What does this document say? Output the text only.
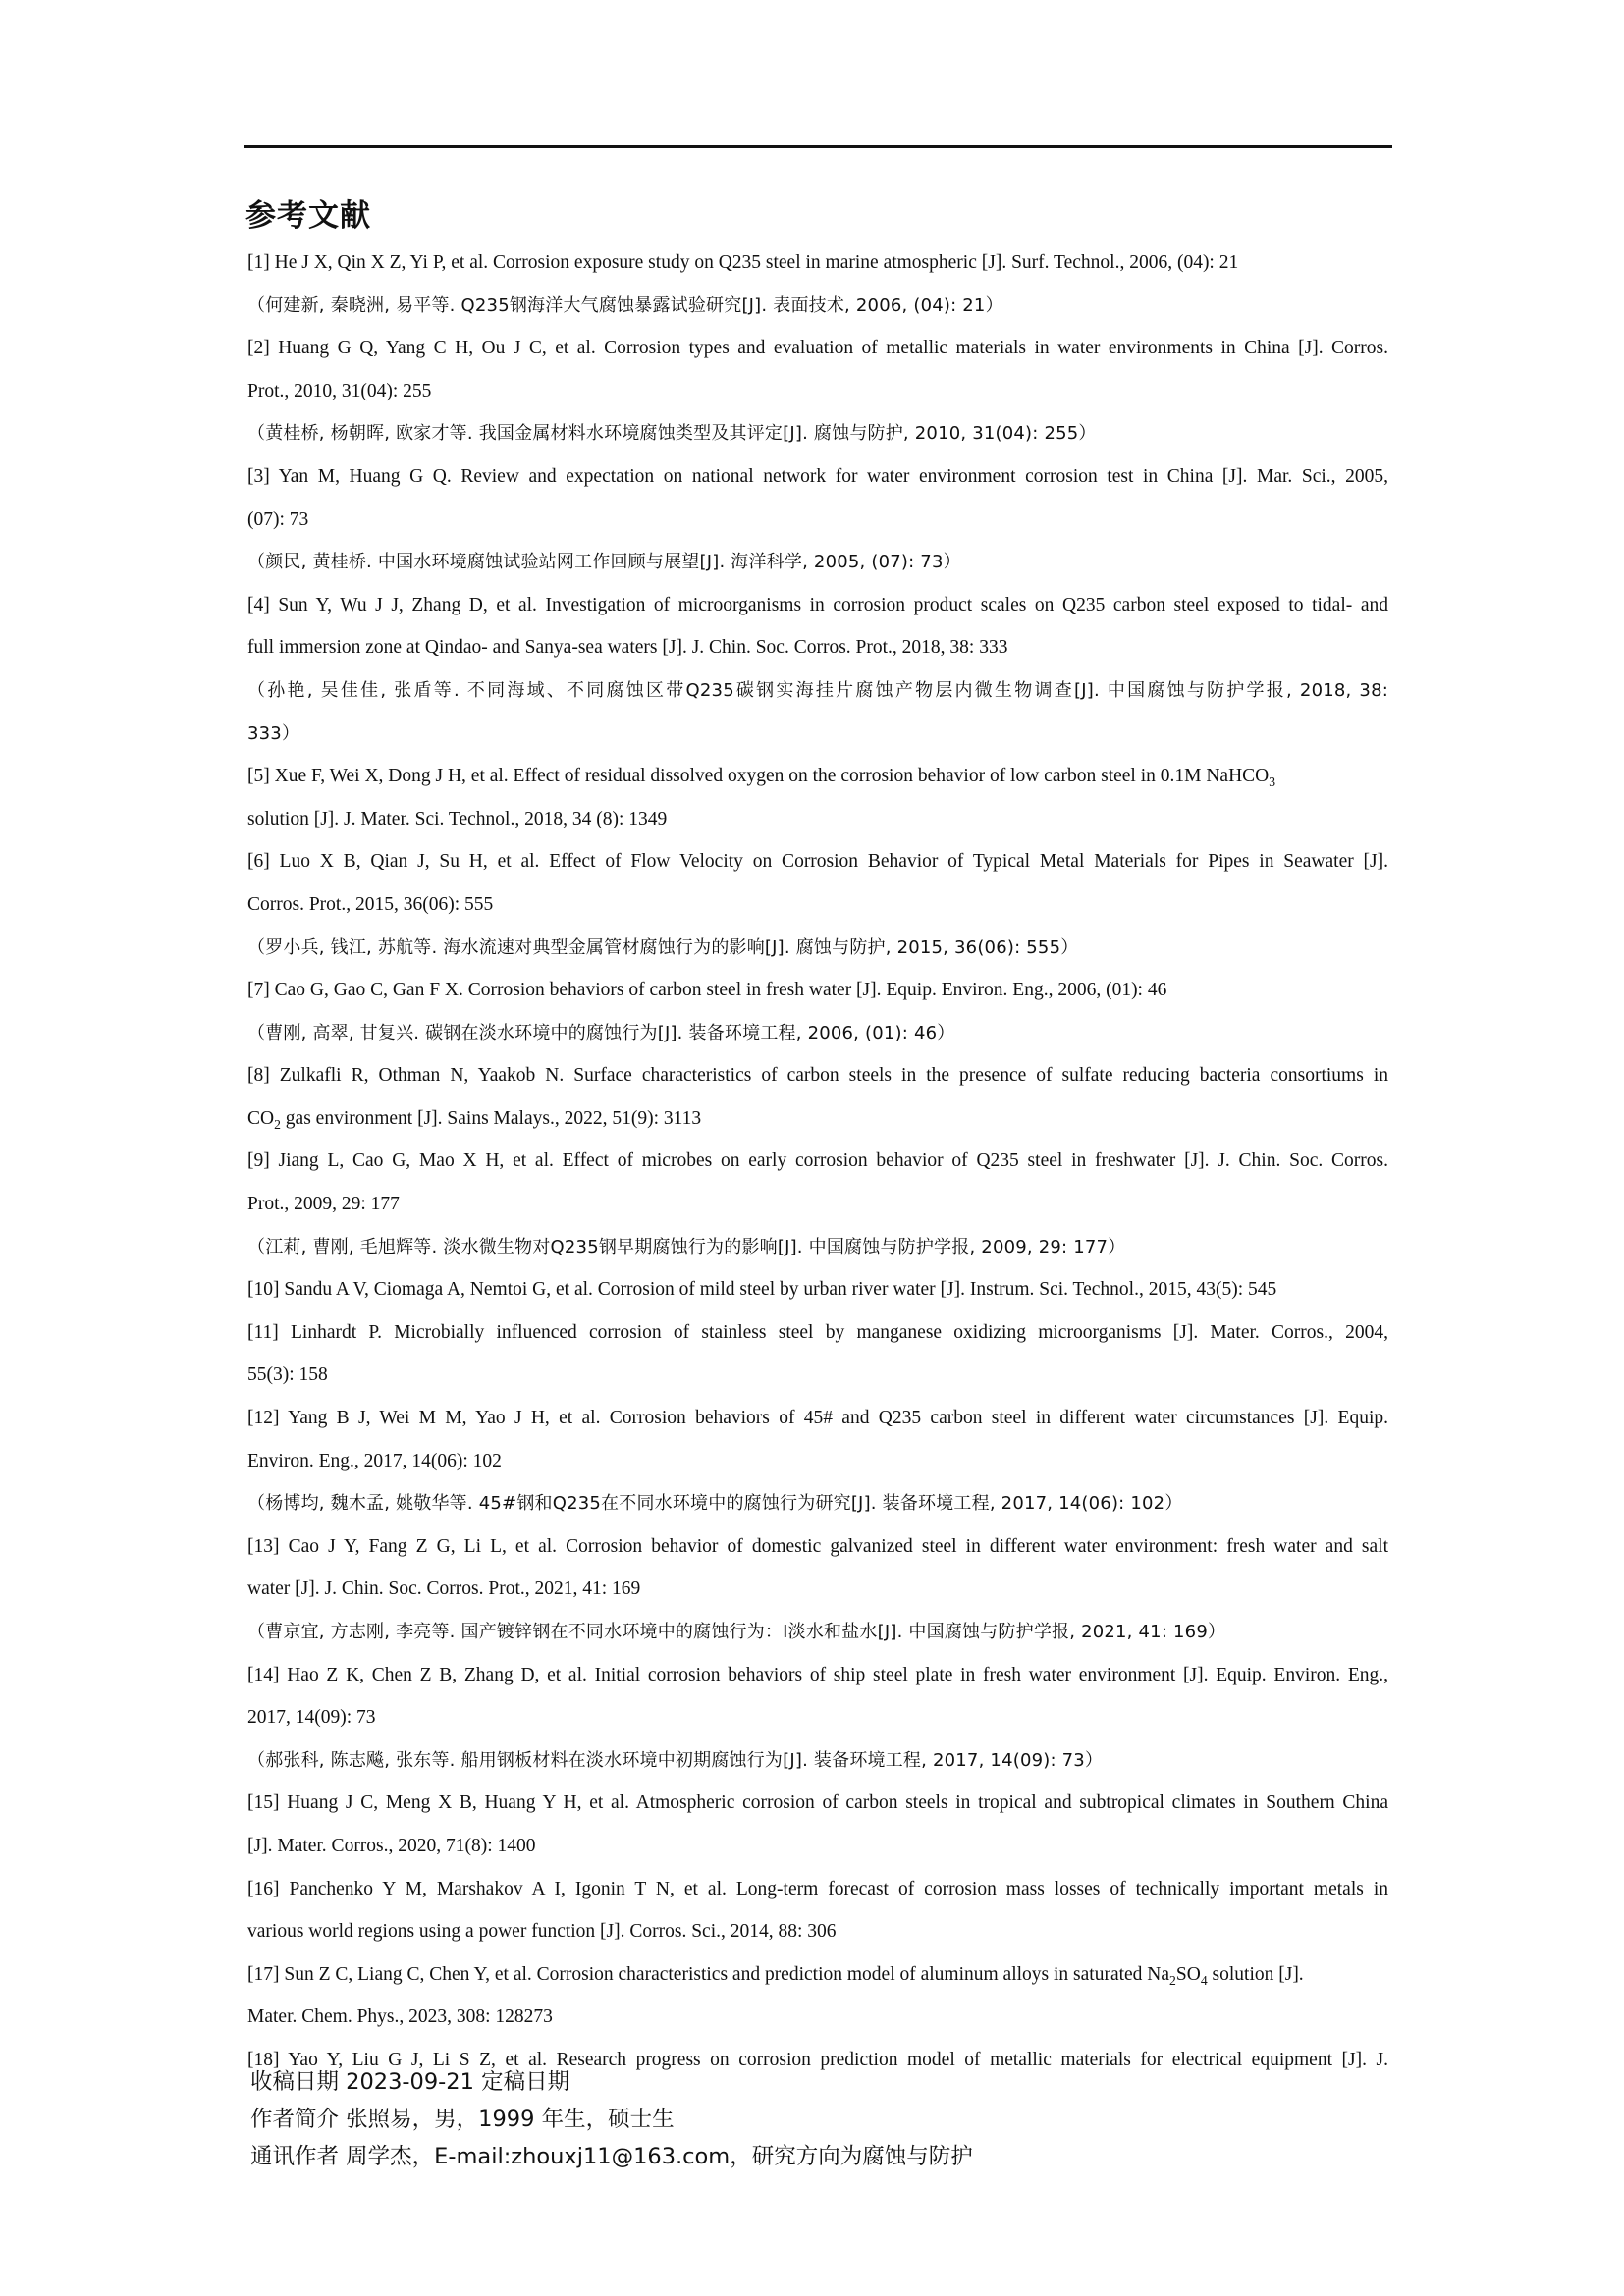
参考文献
[1] He J X, Qin X Z, Yi P, et al. Corrosion exposure study on Q235 steel in marine atmospheric [J]. Surf. Technol., 2006, (04): 21
（何建新, 秦晓洲, 易平等. Q235钢海洋大气腐蚀暴露试验研究[J]. 表面技术, 2006, (04): 21）
[2] Huang G Q, Yang C H, Ou J C, et al. Corrosion types and evaluation of metallic materials in water environments in China [J]. Corros.
Prot., 2010, 31(04): 255
（黄桂桥, 杨朝晖, 欧家才等. 我国金属材料水环境腐蚀类型及其评定[J]. 腐蚀与防护, 2010, 31(04): 255）
[3] Yan M, Huang G Q. Review and expectation on national network for water environment corrosion test in China [J]. Mar. Sci., 2005,
(07): 73
（颜民, 黄桂桥. 中国水环境腐蚀试验站网工作回顾与展望[J]. 海洋科学, 2005, (07): 73）
[4] Sun Y, Wu J J, Zhang D, et al. Investigation of microorganisms in corrosion product scales on Q235 carbon steel exposed to tidal- and
full immersion zone at Qindao- and Sanya-sea waters [J]. J. Chin. Soc. Corros. Prot., 2018, 38: 333
（孙艳, 吴佳佳, 张盾等. 不同海域、不同腐蚀区带Q235碳钢实海挂片腐蚀产物层内微生物调查[J]. 中国腐蚀与防护学报, 2018, 38:
333）
[5] Xue F, Wei X, Dong J H, et al. Effect of residual dissolved oxygen on the corrosion behavior of low carbon steel in 0.1M NaHCO$_3$
solution [J]. J. Mater. Sci. Technol., 2018, 34 (8): 1349
[6] Luo X B, Qian J, Su H, et al. Effect of Flow Velocity on Corrosion Behavior of Typical Metal Materials for Pipes in Seawater [J].
Corros. Prot., 2015, 36(06): 555
（罗小兵, 钱江, 苏航等. 海水流速对典型金属管材腐蚀行为的影响[J]. 腐蚀与防护, 2015, 36(06): 555）
[7] Cao G, Gao C, Gan F X. Corrosion behaviors of carbon steel in fresh water [J]. Equip. Environ. Eng., 2006, (01): 46
（曹刚, 高翠, 甘复兴. 碳钢在淡水环境中的腐蚀行为[J]. 装备环境工程, 2006, (01): 46）
[8] Zulkafli R, Othman N, Yaakob N. Surface characteristics of carbon steels in the presence of sulfate reducing bacteria consortiums in
$CO_2$ gas environment [J]. Sains Malays., 2022, 51(9): 3113
[9] Jiang L, Cao G, Mao X H, et al. Effect of microbes on early corrosion behavior of Q235 steel in freshwater [J]. J. Chin. Soc. Corros.
Prot., 2009, 29: 177
（江莉, 曹刚, 毛旭辉等. 淡水微生物对Q235钢早期腐蚀行为的影响[J]. 中国腐蚀与防护学报, 2009, 29: 177）
[10] Sandu A V, Ciomaga A, Nemtoi G, et al. Corrosion of mild steel by urban river water [J]. Instrum. Sci. Technol., 2015, 43(5): 545
[11] Linhardt P. Microbially influenced corrosion of stainless steel by manganese oxidizing microorganisms [J]. Mater. Corros., 2004,
55(3): 158
[12] Yang B J, Wei M M, Yao J H, et al. Corrosion behaviors of 45# and Q235 carbon steel in different water circumstances [J]. Equip.
Environ. Eng., 2017, 14(06): 102
（杨博均, 魏木孟, 姚敬华等. 45#钢和Q235在不同水环境中的腐蚀行为研究[J]. 装备环境工程, 2017, 14(06): 102）
[13] Cao J Y, Fang Z G, Li L, et al. Corrosion behavior of domestic galvanized steel in different water environment: fresh water and salt
water [J]. J. Chin. Soc. Corros. Prot., 2021, 41: 169
（曹京宜, 方志刚, 李亮等. 国产镀锌钢在不同水环境中的腐蚀行为：I淡水和盐水[J]. 中国腐蚀与防护学报, 2021, 41: 169）
[14] Hao Z K, Chen Z B, Zhang D, et al. Initial corrosion behaviors of ship steel plate in fresh water environment [J]. Equip. Environ. Eng.,
2017, 14(09): 73
（郝张科, 陈志飚, 张东等. 船用钢板材料在淡水环境中初期腐蚀行为[J]. 装备环境工程, 2017, 14(09): 73）
[15] Huang J C, Meng X B, Huang Y H, et al. Atmospheric corrosion of carbon steels in tropical and subtropical climates in Southern China
[J]. Mater. Corros., 2020, 71(8): 1400
[16] Panchenko Y M, Marshakov A I, Igonin T N, et al. Long-term forecast of corrosion mass losses of technically important metals in
various world regions using a power function [J]. Corros. Sci., 2014, 88: 306
[17] Sun Z C, Liang C, Chen Y, et al. Corrosion characteristics and prediction model of aluminum alloys in saturated $Na_2SO_4$ solution [J].
Mater. Chem. Phys., 2023, 308: 128273
[18] Yao Y, Liu G J, Li S Z, et al. Research progress on corrosion prediction model of metallic materials for electrical equipment [J]. J.
收稿日期 2023-09-21 定稿日期
作者简介 张照易，男，1999 年生，硕士生
通讯作者 周学杰，E-mail:zhouxj11@163.com，研究方向为腐蚀与防护
